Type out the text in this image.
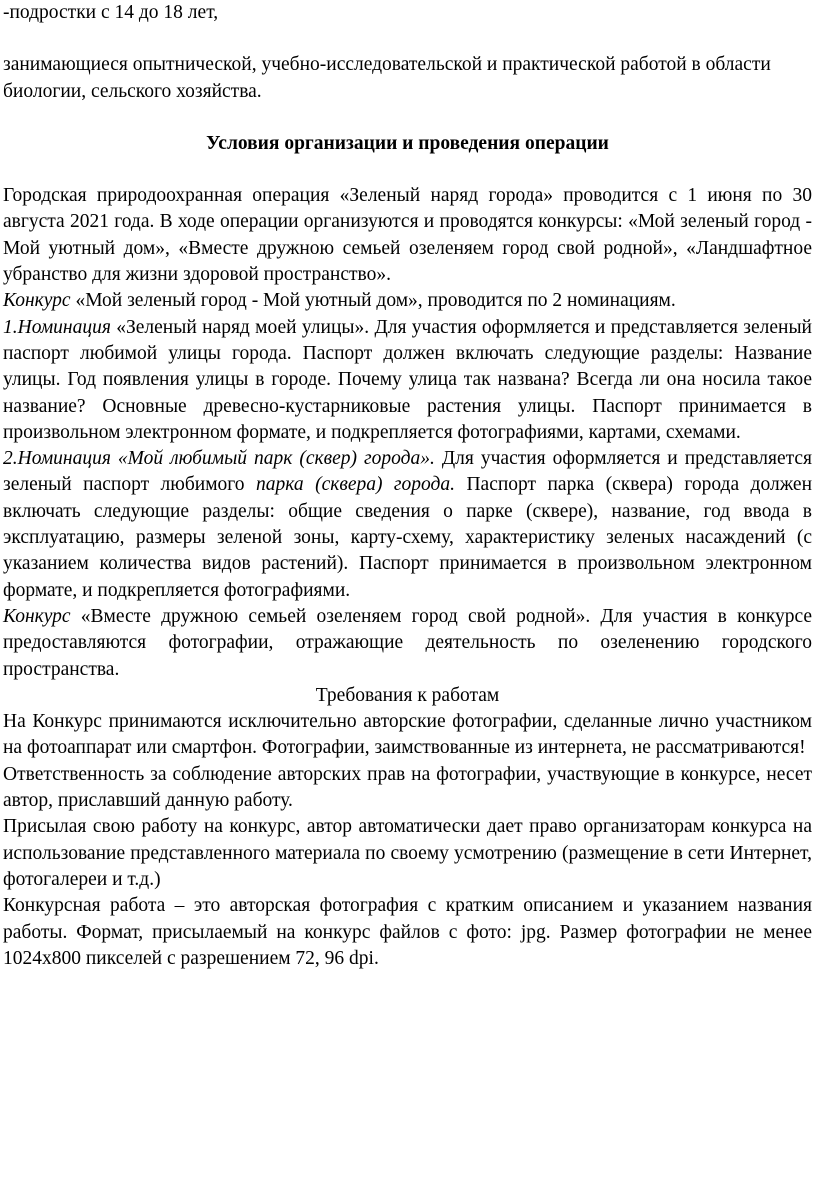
-подростки с 14 до 18 лет,

занимающиеся опытнической, учебно-исследовательской и практической работой в области биологии, сельского хозяйства.

Условия организации и проведения операции

Городская природоохранная операция «Зеленый наряд города» проводится с 1 июня по 30 августа 2021 года. В ходе операции организуются и проводятся конкурсы: «Мой зеленый город - Мой уютный дом», «Вместе дружною семьей озеленяем город свой родной», «Ландшафтное убранство для жизни здоровой пространство».

Конкурс «Мой зеленый город - Мой уютный дом», проводится по 2 номинациям.

1.Номинация «Зеленый наряд моей улицы». Для участия оформляется и представляется зеленый паспорт любимой улицы города. Паспорт должен включать следующие разделы: Название улицы. Год появления улицы в городе. Почему улица так названа? Всегда ли она носила такое название? Основные древесно-кустарниковые растения улицы. Паспорт принимается в произвольном электронном формате, и подкрепляется фотографиями, картами, схемами.

2.Номинация «Мой любимый парк (сквер) города». Для участия оформляется и представляется зеленый паспорт любимого парка (сквера) города. Паспорт парка (сквера) города должен включать следующие разделы: общие сведения о парке (сквере), название, год ввода в эксплуатацию, размеры зеленой зоны, карту-схему, характеристику зеленых насаждений (с указанием количества видов растений). Паспорт принимается в произвольном электронном формате, и подкрепляется фотографиями.

Конкурс «Вместе дружною семьей озеленяем город свой родной». Для участия в конкурсе предоставляются фотографии, отражающие деятельность по озеленению городского пространства.

Требования к работам

На Конкурс принимаются исключительно авторские фотографии, сделанные лично участником на фотоаппарат или смартфон. Фотографии, заимствованные из интернета, не рассматриваются!

Ответственность за соблюдение авторских прав на фотографии, участвующие в конкурсе, несет автор, приславший данную работу.

Присылая свою работу на конкурс, автор автоматически дает право организаторам конкурса на использование представленного материала по своему усмотрению (размещение в сети Интернет, фотогалереи и т.д.)

Конкурсная работа – это авторская фотография с кратким описанием и указанием названия работы. Формат, присылаемый на конкурс файлов с фото: jpg. Размер фотографии не менее 1024х800 пикселей с разрешением 72, 96 dpi.
